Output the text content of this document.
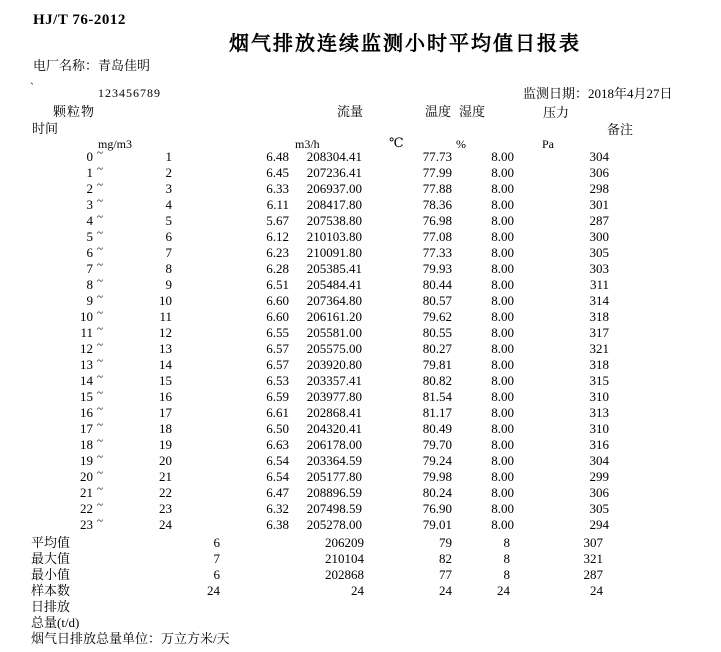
HJ/T 76-2012
烟气排放连续监测小时平均值日报表
电厂名称：青岛佳明
`	123456789	监测日期：2018年4月27日
颗粒物	流量	温度 湿度	压力
时间	备注
mg/m3	m3/h	℃	%	Pa
0 ~	1	6.48	208304.41	77.73	8.00	304
1 ~	2	6.45	207236.41	77.99	8.00	306
2 ~	3	6.33	206937.00	77.88	8.00	298
3 ~	4	6.11	208417.80	78.36	8.00	301
4 ~	5	5.67	207538.80	76.98	8.00	287
5 ~	6	6.12	210103.80	77.08	8.00	300
6 ~	7	6.23	210091.80	77.33	8.00	305
7 ~	8	6.28	205385.41	79.93	8.00	303
8 ~	9	6.51	205484.41	80.44	8.00	311
9 ~	10	6.60	207364.80	80.57	8.00	314
10 ~	11	6.60	206161.20	79.62	8.00	318
11 ~	12	6.55	205581.00	80.55	8.00	317
12 ~	13	6.57	205575.00	80.27	8.00	321
13 ~	14	6.57	203920.80	79.81	8.00	318
14 ~	15	6.53	203357.41	80.82	8.00	315
15 ~	16	6.59	203977.80	81.54	8.00	310
16 ~	17	6.61	202868.41	81.17	8.00	313
17 ~	18	6.50	204320.41	80.49	8.00	310
18 ~	19	6.63	206178.00	79.70	8.00	316
19 ~	20	6.54	203364.59	79.24	8.00	304
20 ~	21	6.54	205177.80	79.98	8.00	299
21 ~	22	6.47	208896.59	80.24	8.00	306
22 ~	23	6.32	207498.59	76.90	8.00	305
23 ~	24	6.38	205278.00	79.01	8.00	294
平均值	6	206209	79	8	307
最大值	7	210104	82	8	321
最小值	6	202868	77	8	287
样本数	24	24	24	24	24
日排放
总量(t/d)
烟气日排放总量单位：万立方米/天
